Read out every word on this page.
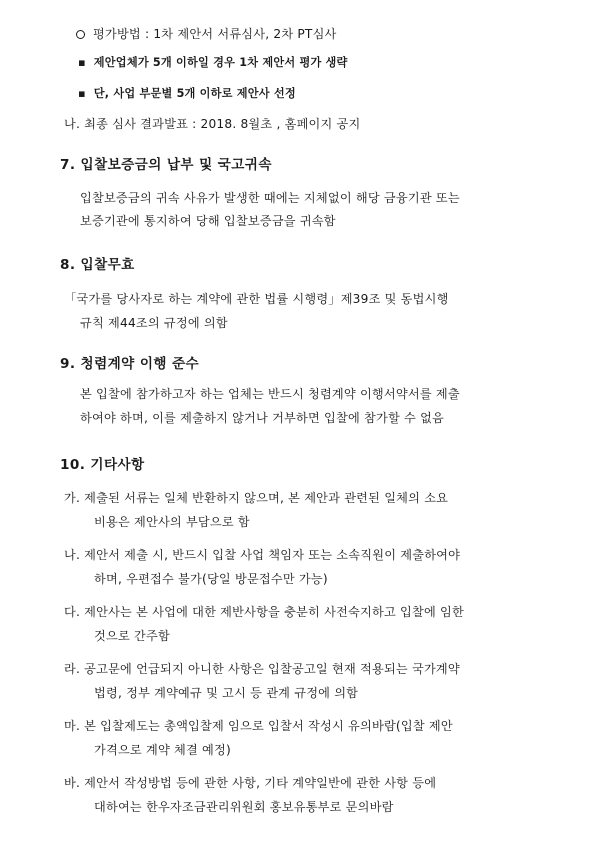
평가방법 : 1차 제안서 서류심사, 2차 PT심사
▪ 제안업체가 5개 이하일 경우 1차 제안서 평가 생략
▪ 단, 사업 부문별 5개 이하로 제안사 선정
나. 최종 심사 결과발표 : 2018. 8월초 , 홈페이지 공지
7. 입찰보증금의 납부 및 국고귀속
입찰보증금의 귀속 사유가 발생한 때에는 지체없이 해당 금융기관 또는
보증기관에 통지하여 당해 입찰보증금을 귀속함
8. 입찰무효
「국가를 당사자로 하는 계약에 관한 법률 시행령」제39조 및 동법시행
규칙 제44조의 규정에 의함
9. 청렴계약 이행 준수
본 입찰에 참가하고자 하는 업체는 반드시 청렴계약 이행서약서를 제출
하여야 하며, 이를 제출하지 않거나 거부하면 입찰에 참가할 수 없음
10. 기타사항
가. 제출된 서류는 일체 반환하지 않으며, 본 제안과 관련된 일체의 소요
비용은 제안사의 부담으로 함
나. 제안서 제출 시, 반드시 입찰 사업 책임자 또는 소속직원이 제출하여야
하며, 우편접수 불가(당일 방문접수만 가능)
다. 제안사는 본 사업에 대한 제반사항을 충분히 사전숙지하고 입찰에 임한
것으로 간주함
라. 공고문에 언급되지 아니한 사항은 입찰공고일 현재 적용되는 국가계약
법령, 정부 계약예규 및 고시 등 관계 규정에 의함
마. 본 입찰제도는 총액입찰제 임으로 입찰서 작성시 유의바람(입찰 제안
가격으로 계약 체결 예정)
바. 제안서 작성방법 등에 관한 사항, 기타 계약일반에 관한 사항 등에
대하여는 한우자조금관리위원회 홍보유통부로 문의바람
